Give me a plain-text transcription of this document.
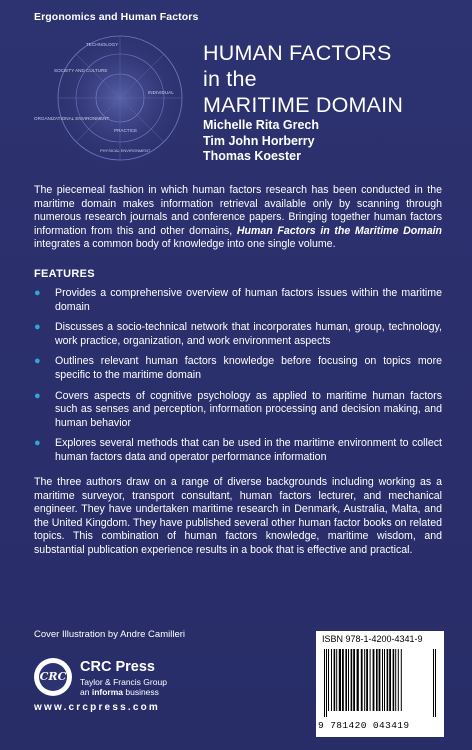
Ergonomics and Human Factors
TECHNOLOGY
SOCIETY AND CULTURE
INDIVIDUAL
ORGANIZATIONAL ENVIRONMENT
PRACTICE
PHYSICAL ENVIRONMENT
HUMAN FACTORS
in the
MARITIME DOMAIN
Michelle Rita Grech
Tim John Horberry
Thomas Koester
The piecemeal fashion in which human factors research has been conducted in the maritime domain makes information retrieval available only by scanning through numerous research journals and conference papers. Bringing together human factors information from this and other domains, Human Factors in the Maritime Domain integrates a common body of knowledge into one single volume.
FEATURES
● Provides a comprehensive overview of human factors issues within the maritime domain
● Discusses a socio-technical network that incorporates human, group, technology, work practice, organization, and work environment aspects
● Outlines relevant human factors knowledge before focusing on topics more specific to the maritime domain
● Covers aspects of cognitive psychology as applied to maritime human factors such as senses and perception, information processing and decision making, and human behavior
● Explores several methods that can be used in the maritime environment to collect human factors data and operator performance information
The three authors draw on a range of diverse backgrounds including working as a maritime surveyor, transport consultant, human factors lecturer, and mechanical engineer. They have undertaken maritime research in Denmark, Australia, Malta, and the United Kingdom. They have published several other human factor books on related topics. This combination of human factors knowledge, maritime wisdom, and substantial publication experience results in a book that is effective and practical.
Cover Illustration by Andre Camilleri
CRC
CRC Press
Taylor & Francis Group
an informa business
www.crcpress.com
ISBN 978-1-4200-4341-9
9 781420 043419
